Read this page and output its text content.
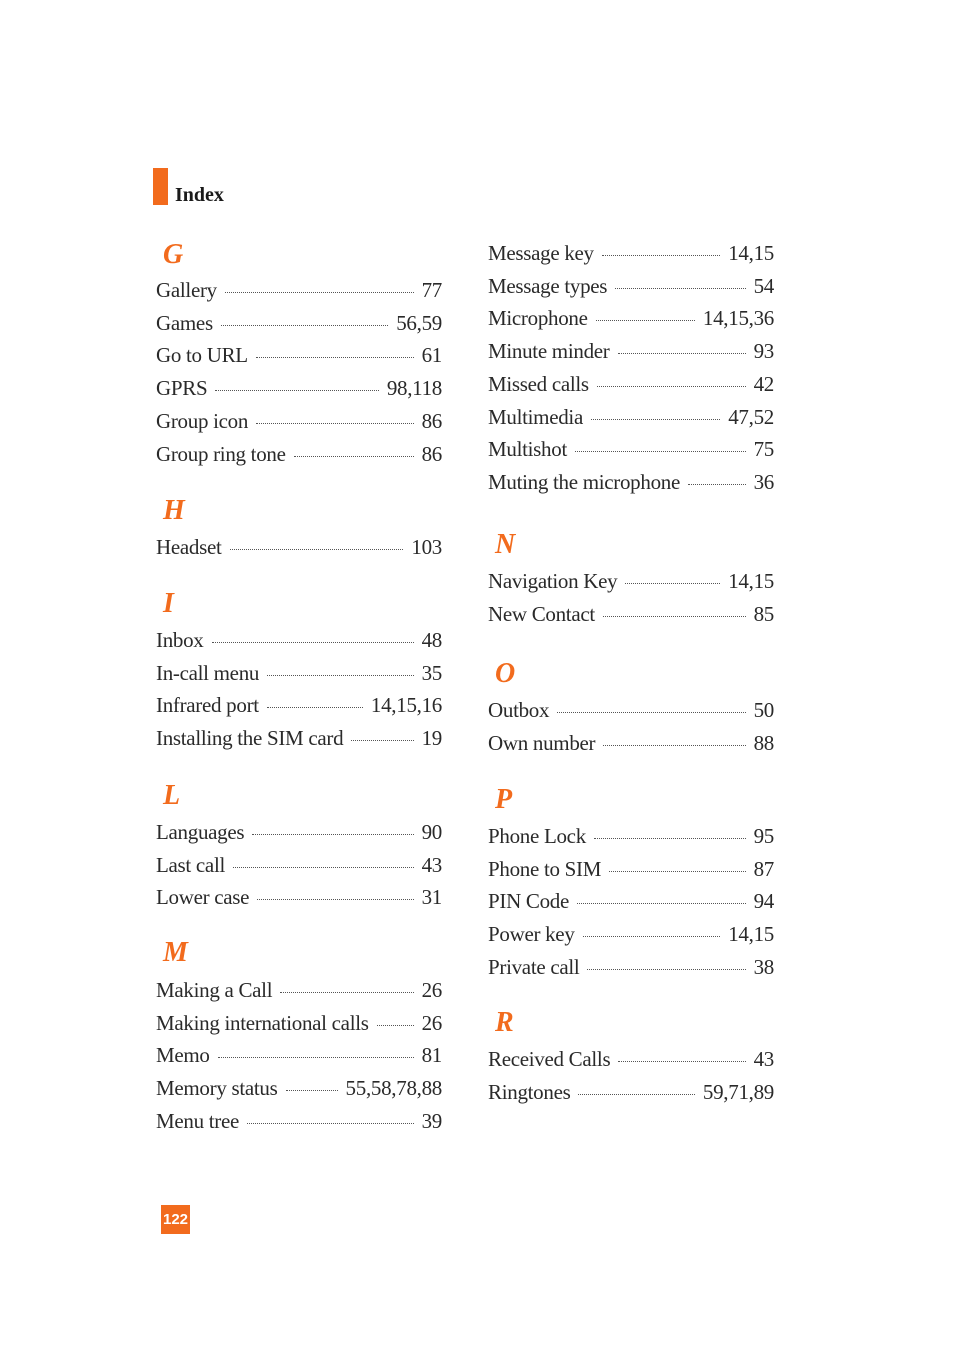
Index
G
Gallery	77
Games	56,59
Go to URL	61
GPRS	98,118
Group icon	86
Group ring tone	86
H
Headset	103
I
Inbox	48
In-call menu	35
Infrared port	14,15,16
Installing the SIM card	19
L
Languages	90
Last call	43
Lower case	31
M
Making a Call	26
Making international calls	26
Memo	81
Memory status	55,58,78,88
Menu tree	39
Message key	14,15
Message types	54
Microphone	14,15,36
Minute minder	93
Missed calls	42
Multimedia	47,52
Multishot	75
Muting the microphone	36
N
Navigation Key	14,15
New Contact	85
O
Outbox	50
Own number	88
P
Phone Lock	95
Phone to SIM	87
PIN Code	94
Power key	14,15
Private call	38
R
Received Calls	43
Ringtones	59,71,89
122
